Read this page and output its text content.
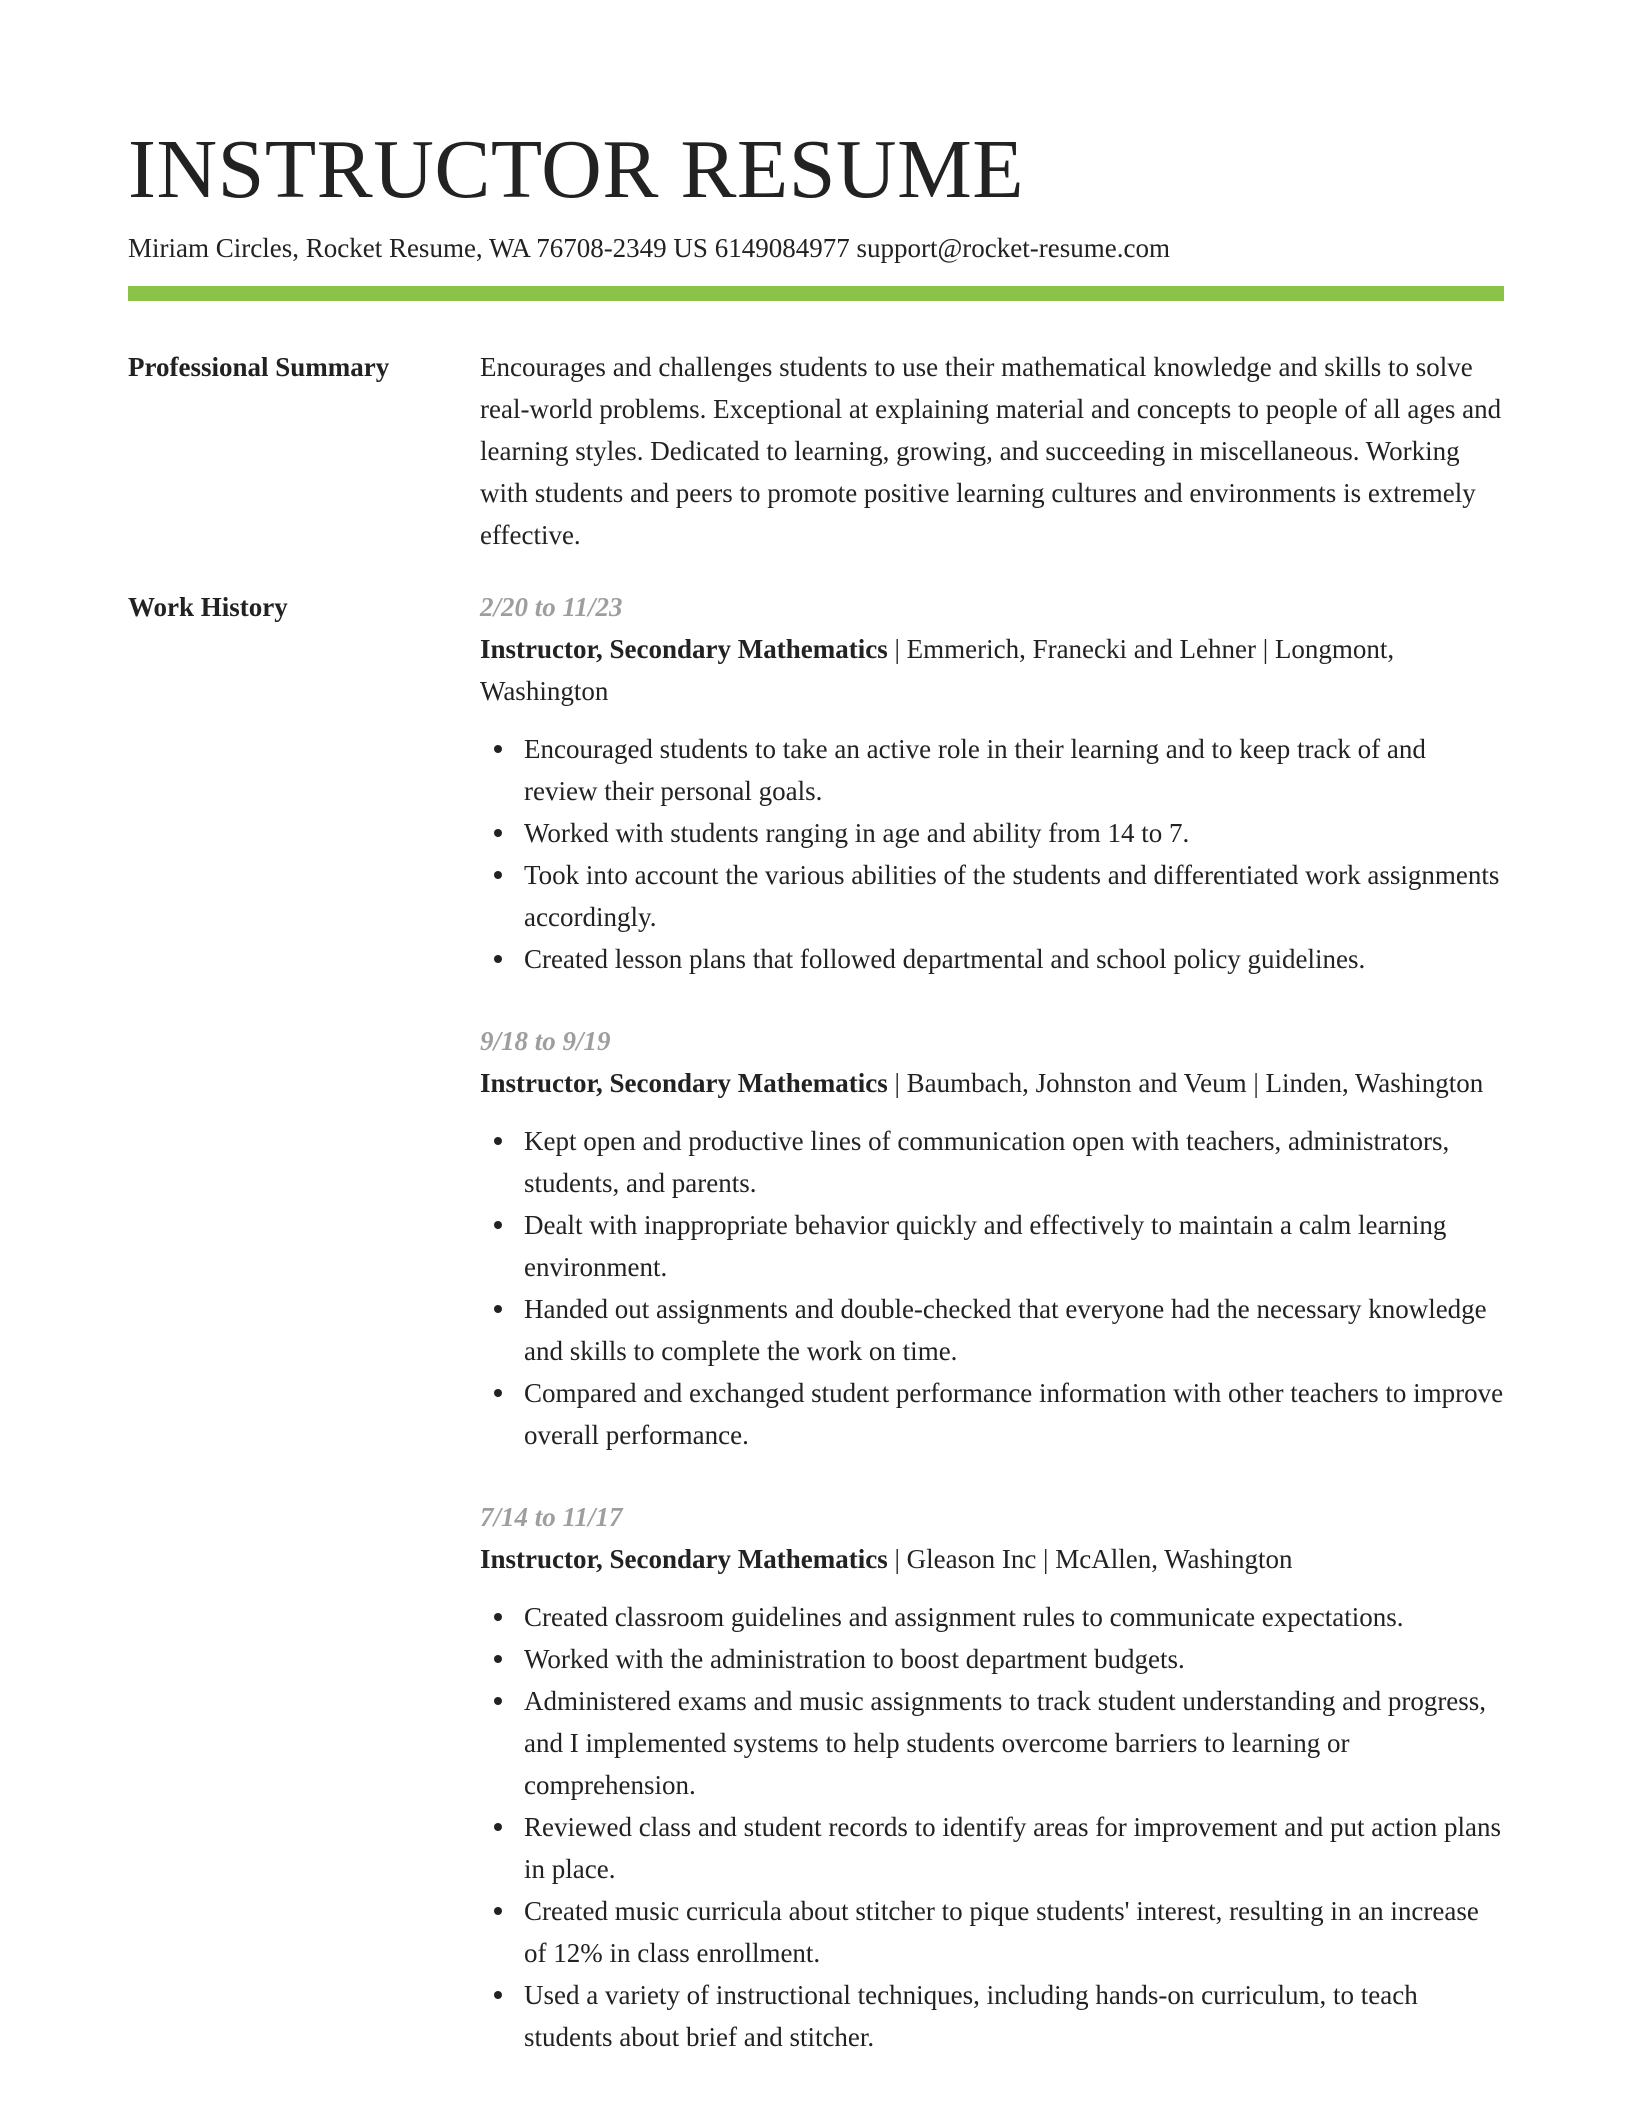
INSTRUCTOR RESUME
Miriam Circles, Rocket Resume, WA 76708-2349 US 6149084977 support@rocket-resume.com
Professional Summary	Encourages and challenges students to use their mathematical knowledge and skills to solve real-world problems. Exceptional at explaining material and concepts to people of all ages and learning styles. Dedicated to learning, growing, and succeeding in miscellaneous. Working with students and peers to promote positive learning cultures and environments is extremely effective.

Work History	2/20 to 11/23
Instructor, Secondary Mathematics | Emmerich, Franecki and Lehner | Longmont, Washington
Encouraged students to take an active role in their learning and to keep track of and review their personal goals.
Worked with students ranging in age and ability from 14 to 7.
Took into account the various abilities of the students and differentiated work assignments accordingly.
Created lesson plans that followed departmental and school policy guidelines.
9/18 to 9/19
Instructor, Secondary Mathematics | Baumbach, Johnston and Veum | Linden, Washington
Kept open and productive lines of communication open with teachers, administrators, students, and parents.
Dealt with inappropriate behavior quickly and effectively to maintain a calm learning environment.
Handed out assignments and double-checked that everyone had the necessary knowledge and skills to complete the work on time.
Compared and exchanged student performance information with other teachers to improve overall performance.
7/14 to 11/17
Instructor, Secondary Mathematics | Gleason Inc | McAllen, Washington
Created classroom guidelines and assignment rules to communicate expectations.
Worked with the administration to boost department budgets.
Administered exams and music assignments to track student understanding and progress, and I implemented systems to help students overcome barriers to learning or comprehension.
Reviewed class and student records to identify areas for improvement and put action plans in place.
Created music curricula about stitcher to pique students' interest, resulting in an increase of 12% in class enrollment.
Used a variety of instructional techniques, including hands-on curriculum, to teach students about brief and stitcher.
